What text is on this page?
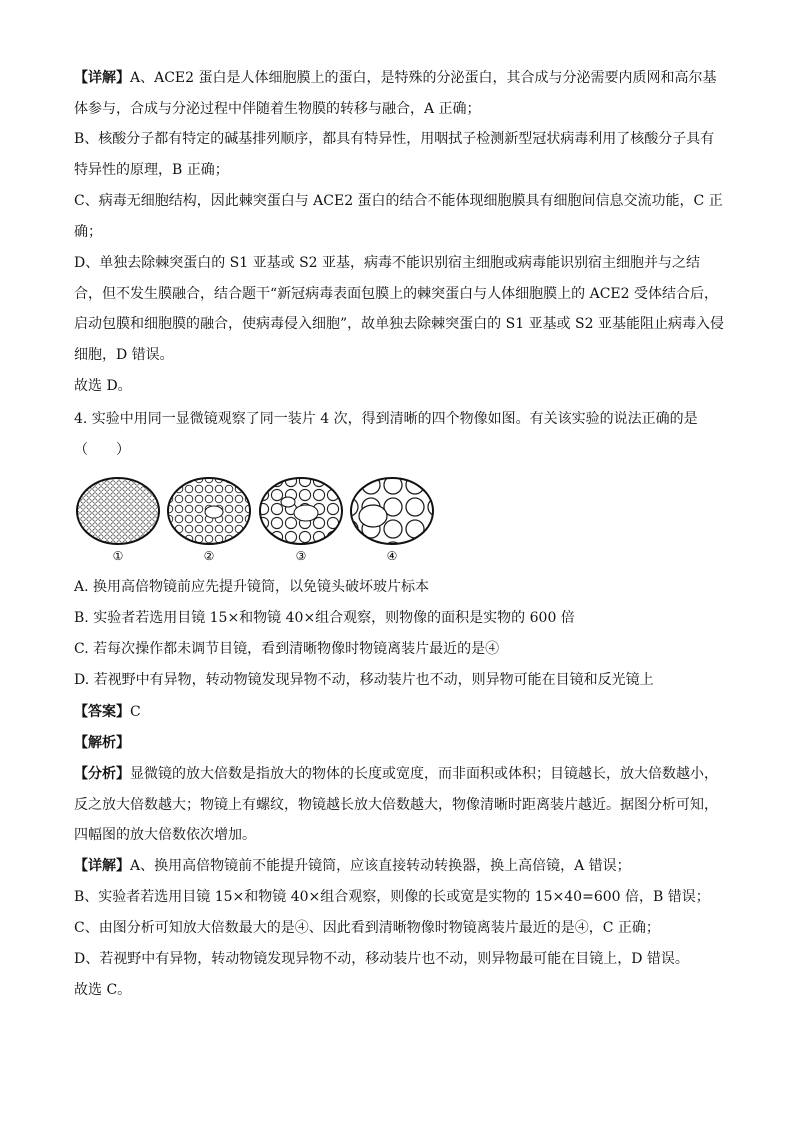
【详解】A、ACE2 蛋白是人体细胞膜上的蛋白，是特殊的分泌蛋白，其合成与分泌需要内质网和高尔基体参与，合成与分泌过程中伴随着生物膜的转移与融合，A 正确；

B、核酸分子都有特定的碱基排列顺序，都具有特异性，用咽拭子检测新型冠状病毒利用了核酸分子具有特异性的原理，B 正确；

C、病毒无细胞结构，因此棘突蛋白与 ACE2 蛋白的结合不能体现细胞膜具有细胞间信息交流功能，C 正确；

D、单独去除棘突蛋白的 S1 亚基或 S2 亚基，病毒不能识别宿主细胞或病毒能识别宿主细胞并与之结合，但不发生膜融合，结合题干“新冠病毒表面包膜上的棘突蛋白与人体细胞膜上的 ACE2 受体结合后，启动包膜和细胞膜的融合，使病毒侵入细胞”，故单独去除棘突蛋白的 S1 亚基或 S2 亚基能阻止病毒入侵细胞，D 错误。

故选 D。

4. 实验中用同一显微镜观察了同一装片 4 次，得到清晰的四个物像如图。有关该实验的说法正确的是
（　　）

①	②	③	④

A. 换用高倍物镜前应先提升镜筒，以免镜头破坏玻片标本

B. 实验者若选用目镜 15×和物镜 40×组合观察，则物像的面积是实物的 600 倍

C. 若每次操作都未调节目镜，看到清晰物像时物镜离装片最近的是④

D. 若视野中有异物，转动物镜发现异物不动，移动装片也不动，则异物可能在目镜和反光镜上

【答案】C

【解析】

【分析】显微镜的放大倍数是指放大的物体的长度或宽度，而非面积或体积；目镜越长，放大倍数越小，反之放大倍数越大；物镜上有螺纹，物镜越长放大倍数越大，物像清晰时距离装片越近。据图分析可知，四幅图的放大倍数依次增加。

【详解】A、换用高倍物镜前不能提升镜筒，应该直接转动转换器，换上高倍镜，A 错误；

B、实验者若选用目镜 15×和物镜 40×组合观察，则像的长或宽是实物的 15×40=600 倍，B 错误；

C、由图分析可知放大倍数最大的是④、因此看到清晰物像时物镜离装片最近的是④，C 正确；

D、若视野中有异物，转动物镜发现异物不动，移动装片也不动，则异物最可能在目镜上，D 错误。

故选 C。
